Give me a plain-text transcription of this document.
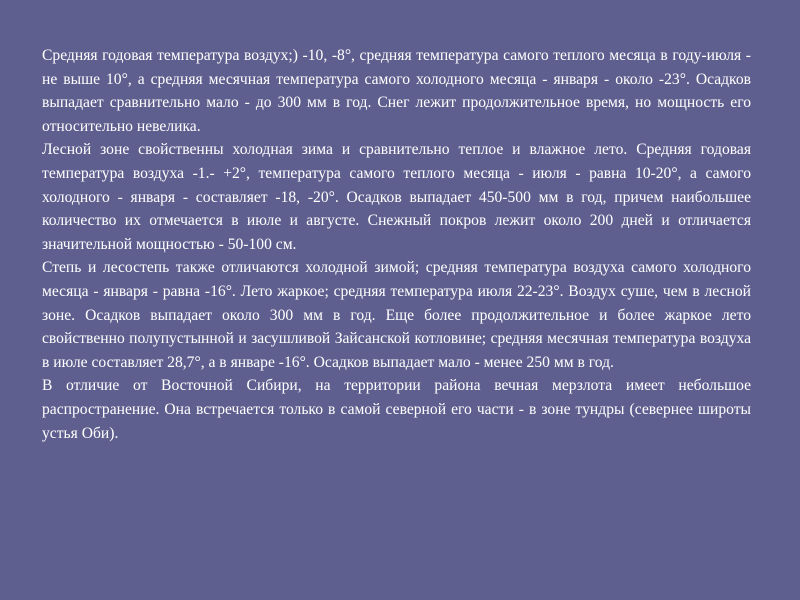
Средняя годовая температура воздух;) -10, -8°, средняя температура самого теплого месяца в году-июля - не выше 10°, а средняя месячная температура самого холодного месяца - января - около -23°. Осадков выпадает сравнительно мало - до 300 мм в год. Снег лежит продолжительное время, но мощность его относительно невелика.

Лесной зоне свойственны холодная зима и сравнительно теплое и влажное лето. Средняя годовая температура воздуха -1.- +2°, температура самого теплого месяца - июля - равна 10-20°, а самого холодного - января - составляет -18, -20°. Осадков выпадает 450-500 мм в год, причем наибольшее количество их отмечается в июле и августе. Снежный покров лежит около 200 дней и отличается значительной мощностью - 50-100 см.

Степь и лесостепь также отличаются холодной зимой; средняя температура воздуха самого холодного месяца - января - равна -16°. Лето жаркое; средняя температура июля 22-23°. Воздух суше, чем в лесной зоне. Осадков выпадает около 300 мм в год. Еще более продолжительное и более жаркое лето свойственно полупустынной и засушливой Зайсанской котловине; средняя месячная температура воздуха в июле составляет 28,7°, а в январе -16°. Осадков выпадает мало - менее 250 мм в год.

В отличие от Восточной Сибири, на территории района вечная мерзлота имеет небольшое распространение. Она встречается только в самой северной его части - в зоне тундры (севернее широты устья Оби).
